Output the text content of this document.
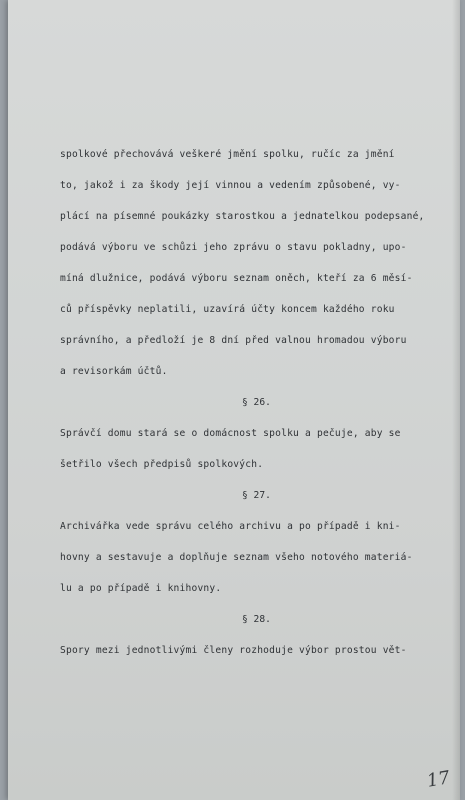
spolkové přechovává veškeré jmění spolku, ručíc za jmění
to, jakož i za škody její vinnou a vedením způsobené, vy-
plácí na písemné poukázky starostkou a jednatelkou podepsané,
podává výboru ve schůzi jeho zprávu o stavu pokladny, upo-
míná dlužnice, podává výboru seznam oněch, kteří za 6 měsí-
ců příspěvky neplatili, uzavírá účty koncem každého roku
správního, a předloží je 8 dní před valnou hromadou výboru
a revisorkám účtů.
§ 26.
Správčí domu stará se o domácnost spolku a pečuje, aby se
šetřilo všech předpisů spolkových.
§ 27.
Archivářka vede správu celého archivu a po případě i kni-
hovny a sestavuje a doplňuje seznam všeho notového materiá-
lu a po případě i knihovny.
§ 28.
Spory mezi jednotlivými členy rozhoduje výbor prostou vět-
17
